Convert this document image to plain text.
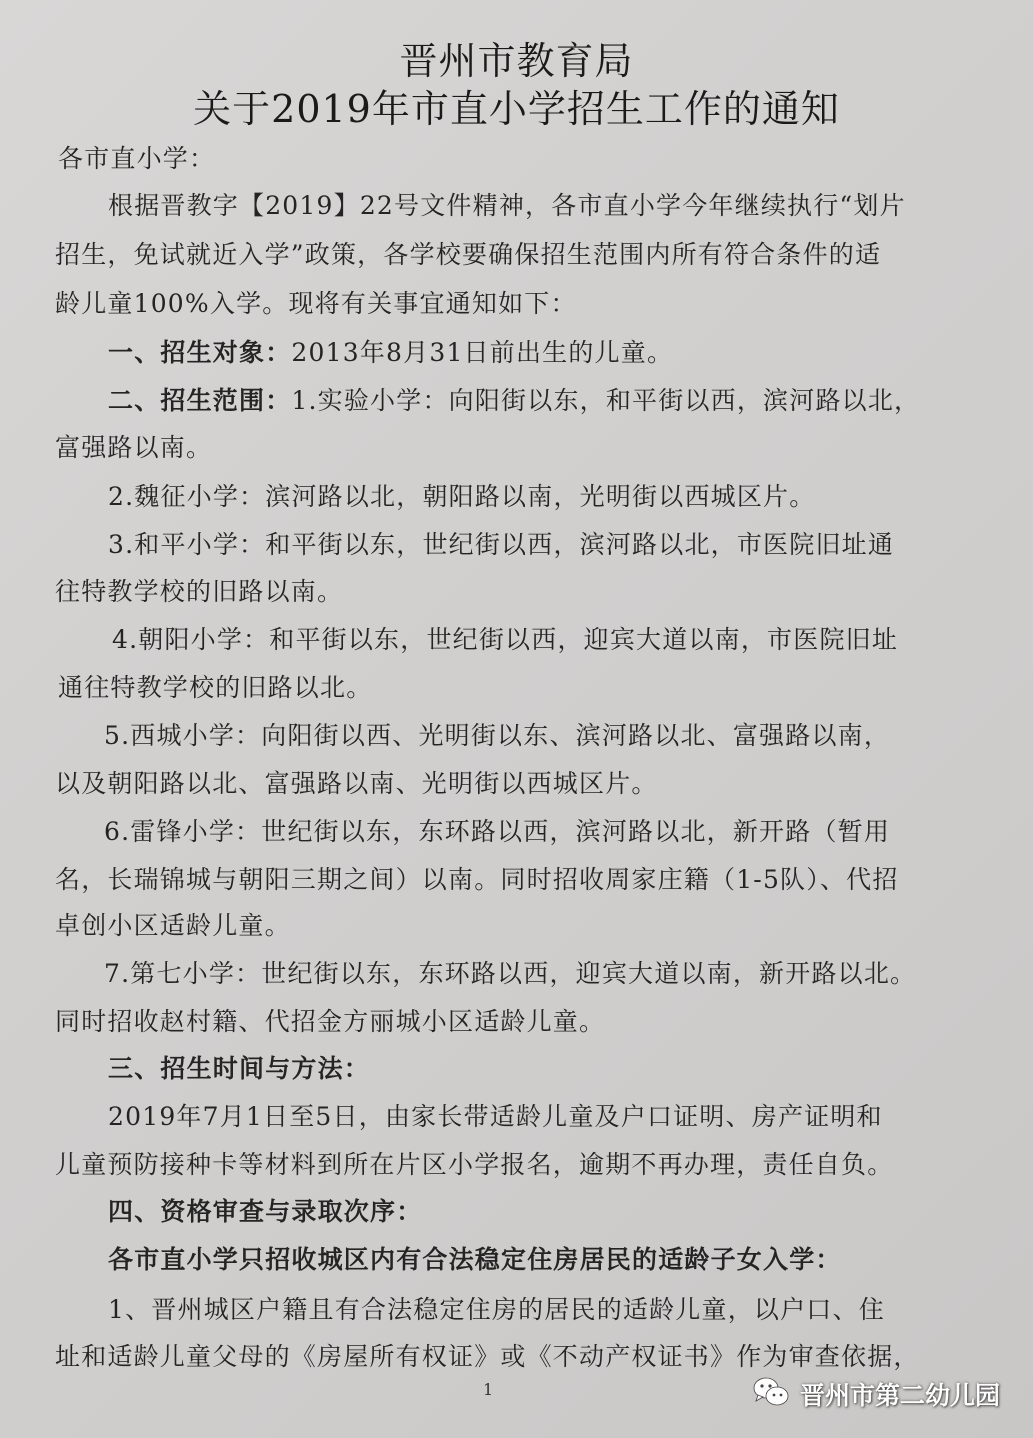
晋州市教育局
关于2019年市直小学招生工作的通知
各市直小学：
根据晋教字【2019】22号文件精神，各市直小学今年继续执行“划片
招生，免试就近入学”政策，各学校要确保招生范围内所有符合条件的适
龄儿童100%入学。现将有关事宜通知如下：
一、招生对象：2013年8月31日前出生的儿童。
二、招生范围：1.实验小学：向阳街以东，和平街以西，滨河路以北，
富强路以南。
2.魏征小学：滨河路以北，朝阳路以南，光明街以西城区片。
3.和平小学：和平街以东，世纪街以西，滨河路以北，市医院旧址通
往特教学校的旧路以南。
4.朝阳小学：和平街以东，世纪街以西，迎宾大道以南，市医院旧址
通往特教学校的旧路以北。
5.西城小学：向阳街以西、光明街以东、滨河路以北、富强路以南，
以及朝阳路以北、富强路以南、光明街以西城区片。
6.雷锋小学：世纪街以东，东环路以西，滨河路以北，新开路（暂用
名，长瑞锦城与朝阳三期之间）以南。同时招收周家庄籍（1-5队）、代招
卓创小区适龄儿童。
7.第七小学：世纪街以东，东环路以西，迎宾大道以南，新开路以北。
同时招收赵村籍、代招金方丽城小区适龄儿童。
三、招生时间与方法：
2019年7月1日至5日，由家长带适龄儿童及户口证明、房产证明和
儿童预防接种卡等材料到所在片区小学报名，逾期不再办理，责任自负。
四、资格审查与录取次序：
各市直小学只招收城区内有合法稳定住房居民的适龄子女入学：
1、晋州城区户籍且有合法稳定住房的居民的适龄儿童，以户口、住
址和适龄儿童父母的《房屋所有权证》或《不动产权证书》作为审查依据，
1	晋州市第二幼儿园
